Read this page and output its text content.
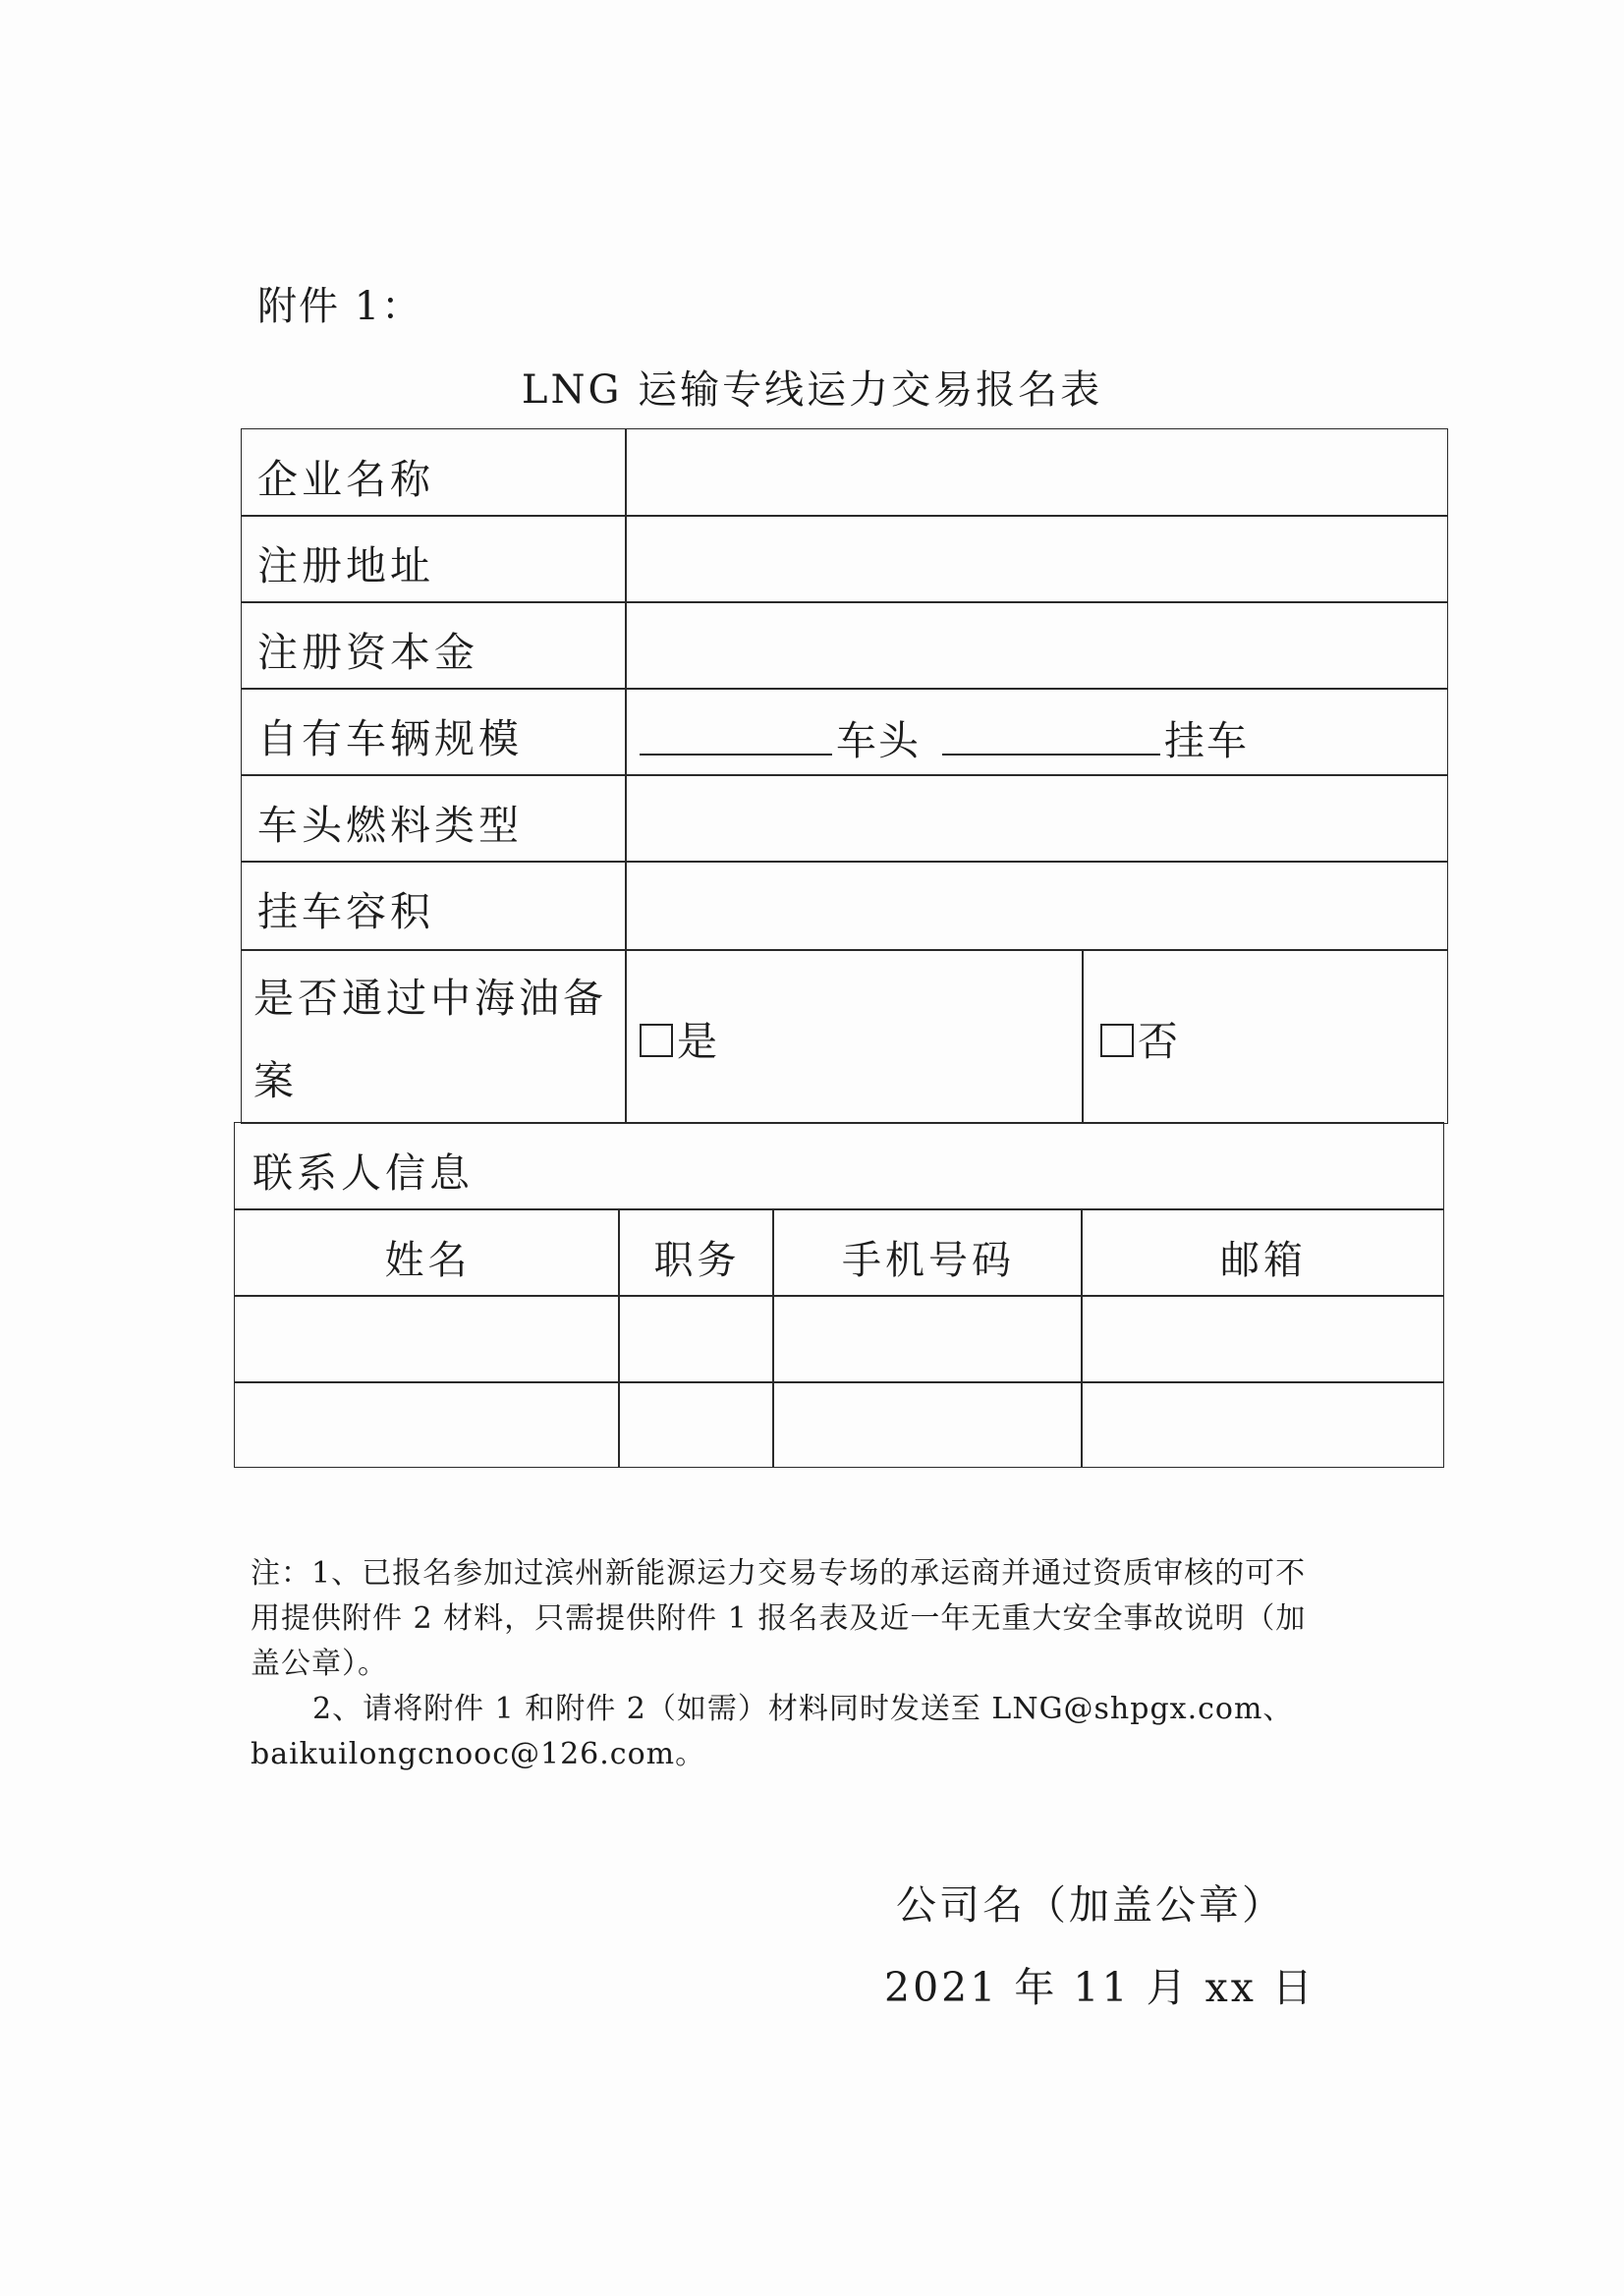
附件 1：
LNG 运输专线运力交易报名表
企业名称
注册地址
注册资本金
自有车辆规模	车头	挂车
车头燃料类型
挂车容积
是否通过中海油备
案
是	否
联系人信息
姓名	职务	手机号码	邮箱
注：1、已报名参加过滨州新能源运力交易专场的承运商并通过资质审核的可不
用提供附件 2 材料，只需提供附件 1 报名表及近一年无重大安全事故说明（加
盖公章）。
2、请将附件 1 和附件 2（如需）材料同时发送至 LNG@shpgx.com、
baikuilongcnooc@126.com。
公司名（加盖公章）
2021 年 11 月 xx 日
